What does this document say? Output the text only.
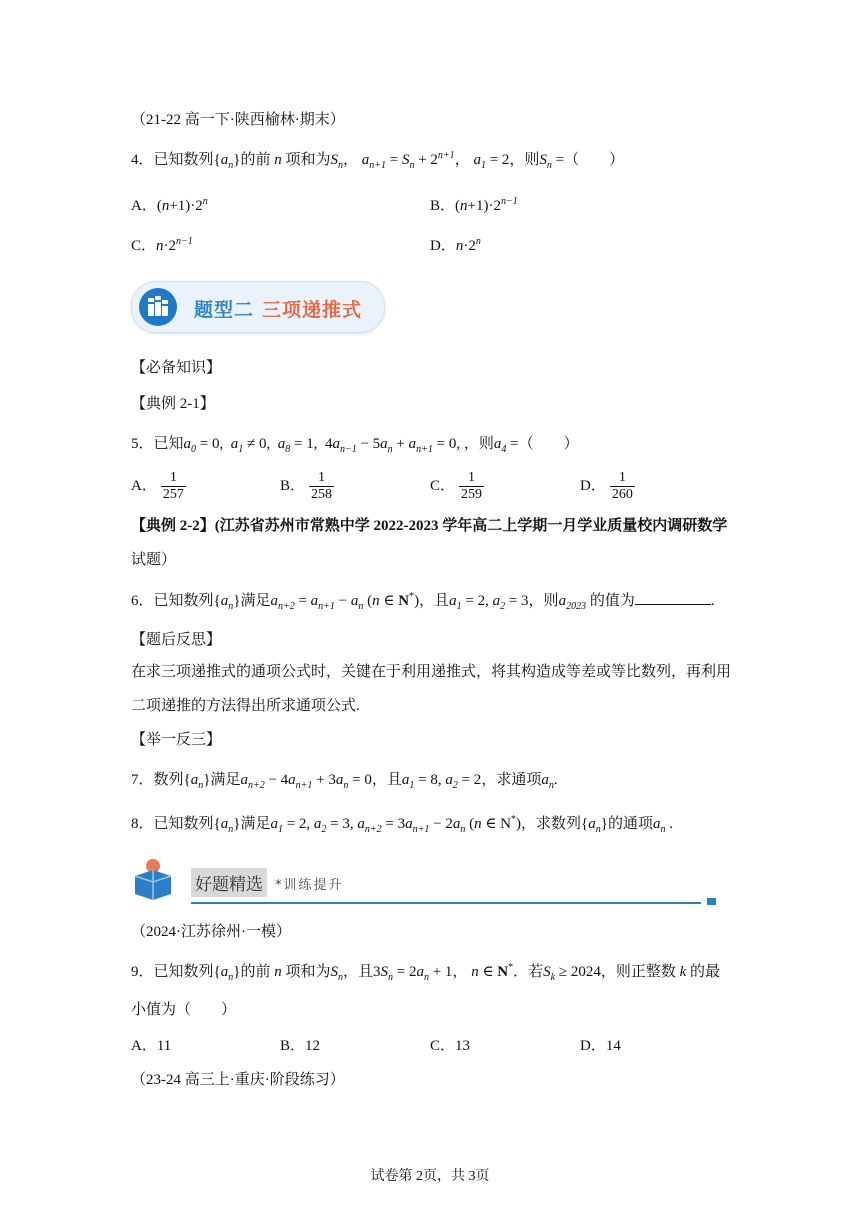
（21-22 高一下·陕西榆林·期末）
4．已知数列$\{a_n\}$的前 n 项和为$S_n$， $a_{n+1} = S_n + 2^{n+1}$， $a_1 = 2$，则$S_n$ =（　　）
A．$(n+1)\cdot 2^n$	B．$(n+1)\cdot 2^{n-1}$
C．$n\cdot 2^{n-1}$	D．$n\cdot 2^n$
题型二 三项递推式
【必备知识】
【典例 2-1】
5．已知$a_0 = 0$,  $a_1 \ne 0$,  $a_8 = 1$, $4a_{n-1} - 5a_n + a_{n+1} = 0$, ，则$a_4$ =（　　）
A． $\frac{1}{257}$	B． $\frac{1}{258}$	C． $\frac{1}{259}$	D． $\frac{1}{260}$
【典例 2-2】(江苏省苏州市常熟中学 2022-2023 学年高二上学期一月学业质量校内调研数学
试题）
6．已知数列$\{a_n\}$满足$a_{n+2} = a_{n+1} - a_n$ (n ∈ N*)，且$a_1 = 2$, $a_2 = 3$，则$a_{2023}$ 的值为	.
【题后反思】
在求三项递推式的通项公式时，关键在于利用递推式，将其构造成等差或等比数列，再利用
二项递推的方法得出所求通项公式.
【举一反三】
7．数列$\{a_n\}$满足$a_{n+2} - 4a_{n+1} + 3a_n = 0$，且$a_1 = 8$, $a_2 = 2$，求通项$a_n$.
8．已知数列$\{a_n\}$满足$a_1 = 2$, $a_2 = 3$, $a_{n+2} = 3a_{n+1} - 2a_n$ (n ∈ N*)，求数列$\{a_n\}$的通项$a_n$ .
好题精选 *训练提升
（2024·江苏徐州·一模）
9．已知数列$\{a_n\}$的前 n 项和为$S_n$，且$3S_n = 2a_n + 1$， n ∈ N*．若$S_k \ge 2024$，则正整数 k 的最
小值为（　　）
A．11	B．12	C．13	D．14
（23-24 高三上·重庆·阶段练习）
试卷第 2页，共 3页
